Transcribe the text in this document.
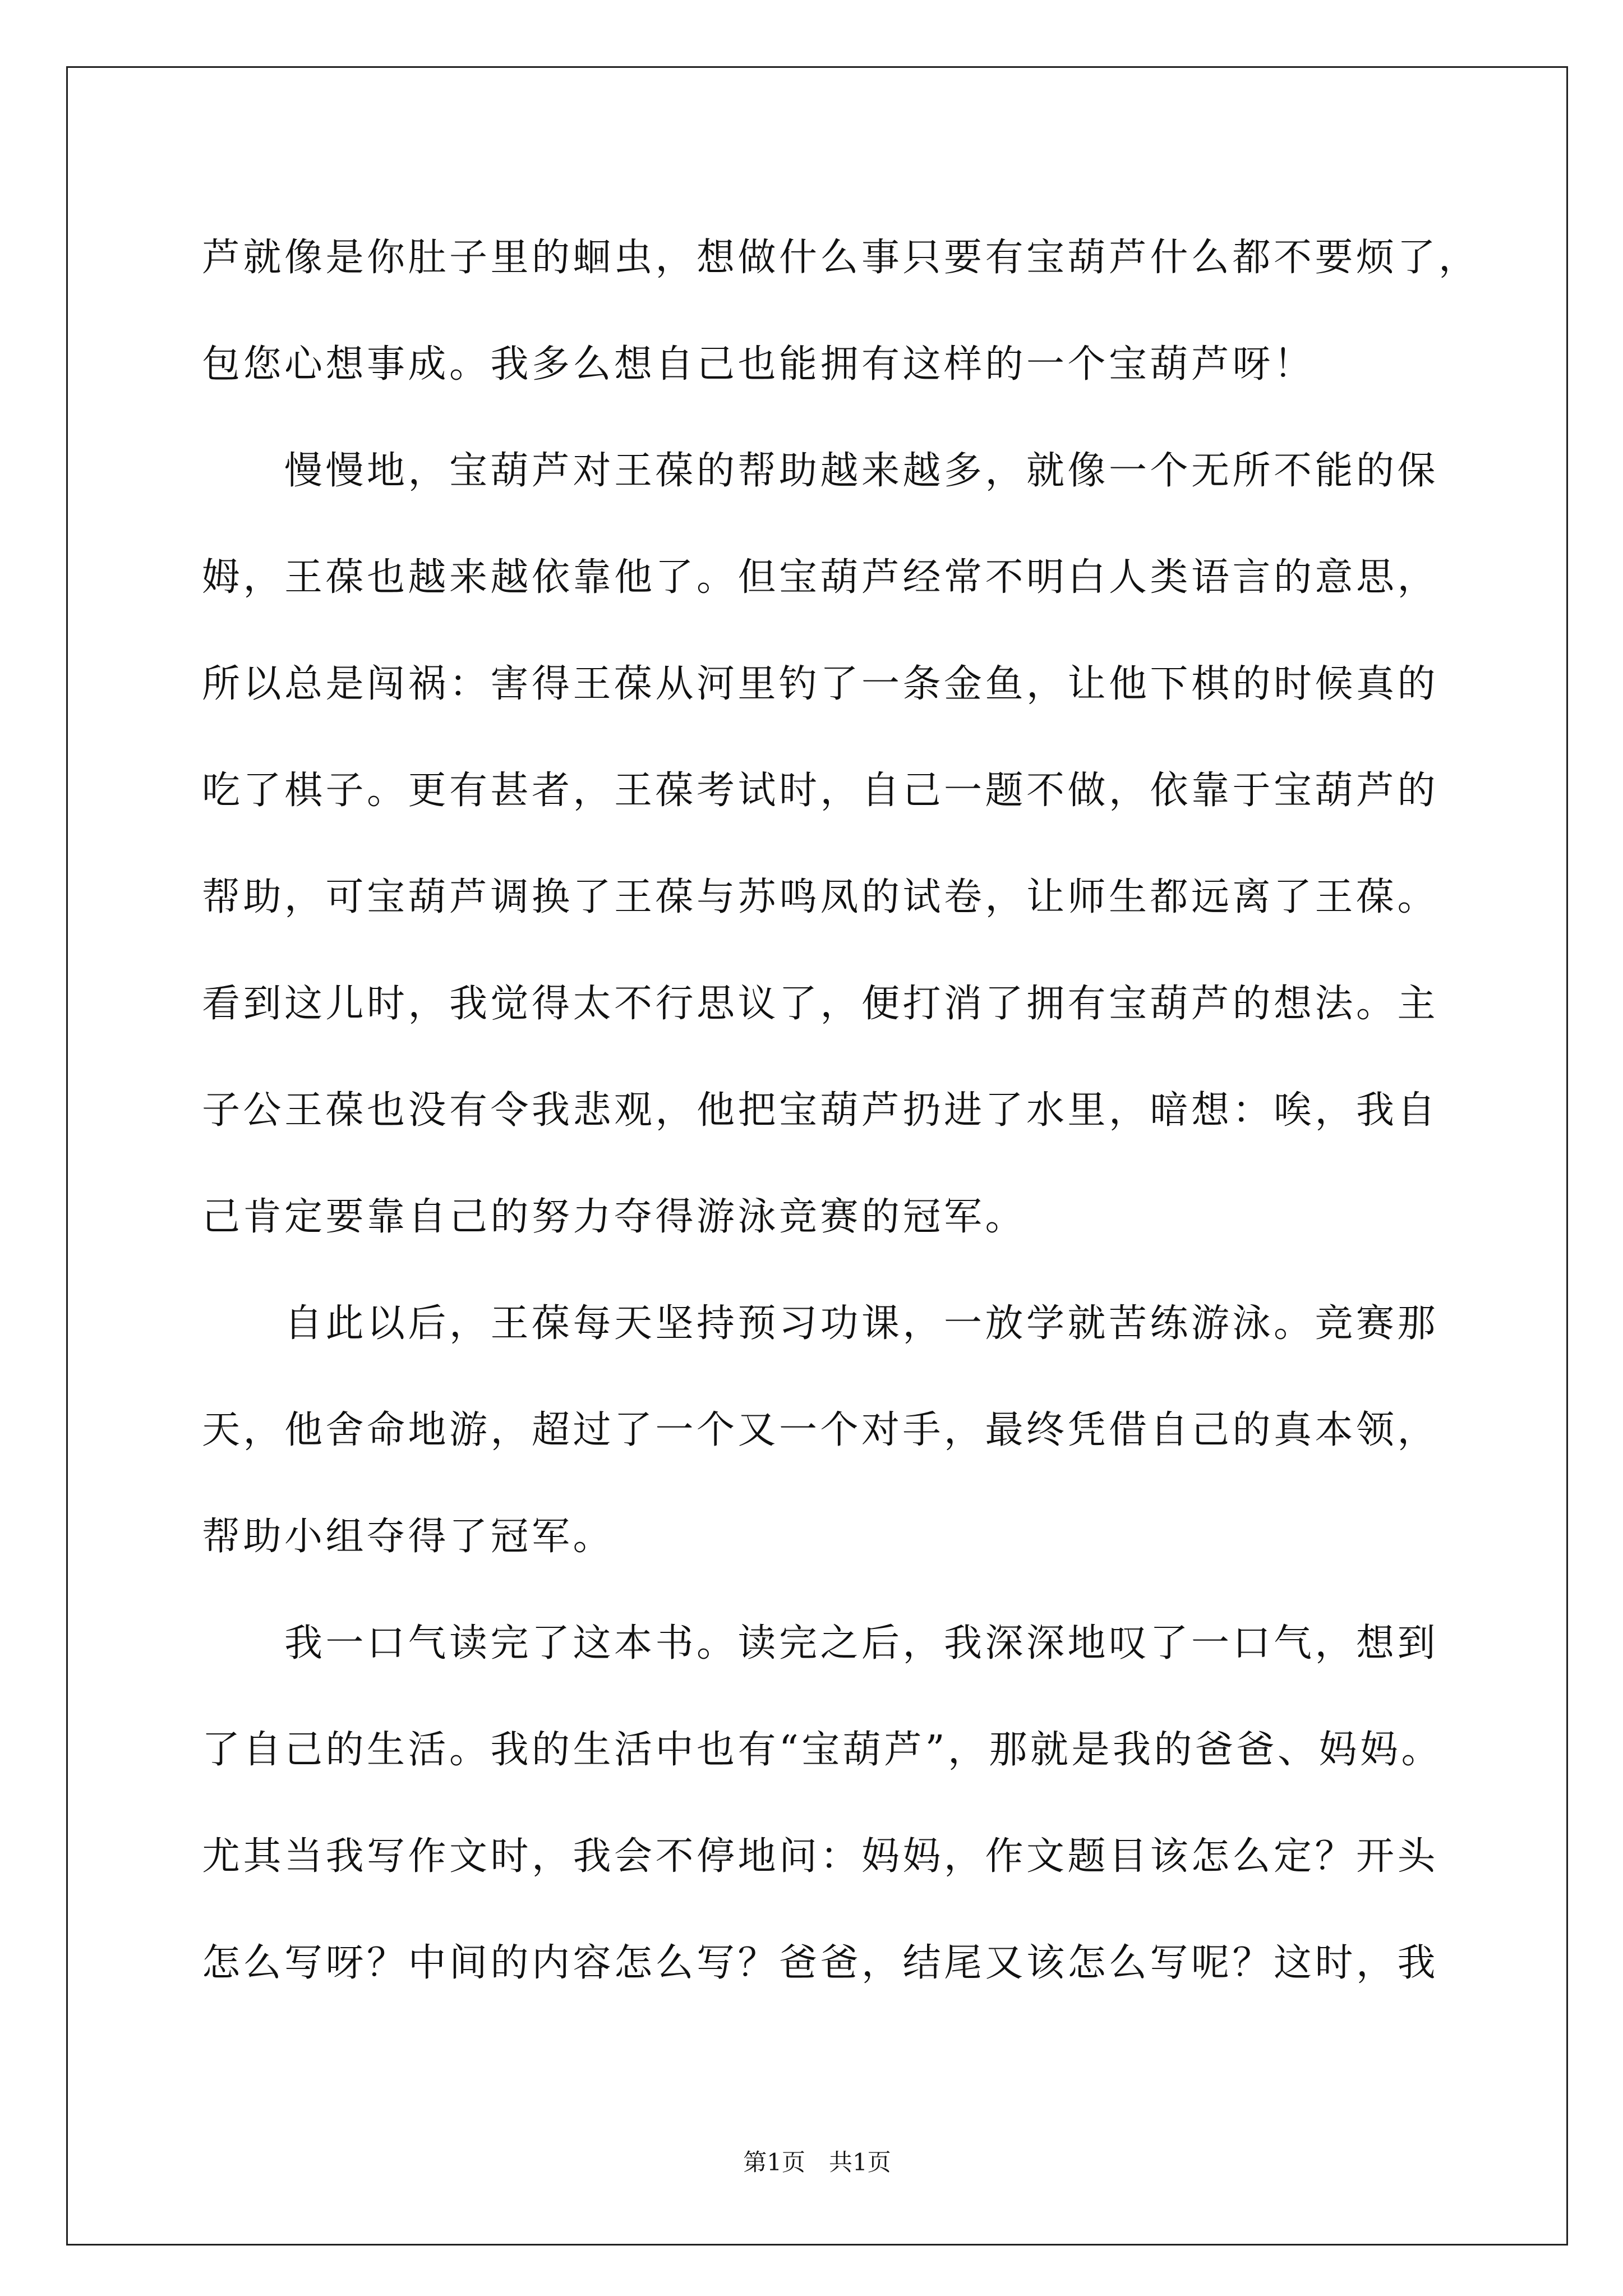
芦就像是你肚子里的蛔虫，想做什么事只要有宝葫芦什么都不要烦了，
包您心想事成。我多么想自己也能拥有这样的一个宝葫芦呀！
慢慢地，宝葫芦对王葆的帮助越来越多，就像一个无所不能的保
姆，王葆也越来越依靠他了。但宝葫芦经常不明白人类语言的意思，
所以总是闯祸：害得王葆从河里钓了一条金鱼，让他下棋的时候真的
吃了棋子。更有甚者，王葆考试时，自己一题不做，依靠于宝葫芦的
帮助，可宝葫芦调换了王葆与苏鸣凤的试卷，让师生都远离了王葆。
看到这儿时，我觉得太不行思议了，便打消了拥有宝葫芦的想法。主
子公王葆也没有令我悲观，他把宝葫芦扔进了水里，暗想：唉，我自
己肯定要靠自己的努力夺得游泳竞赛的冠军。
自此以后，王葆每天坚持预习功课，一放学就苦练游泳。竞赛那
天，他舍命地游，超过了一个又一个对手，最终凭借自己的真本领，
帮助小组夺得了冠军。
我一口气读完了这本书。读完之后，我深深地叹了一口气，想到
了自己的生活。我的生活中也有“宝葫芦”，那就是我的爸爸、妈妈。
尤其当我写作文时，我会不停地问：妈妈，作文题目该怎么定？开头
怎么写呀？中间的内容怎么写？爸爸，结尾又该怎么写呢？这时，我
第1页 共1页
